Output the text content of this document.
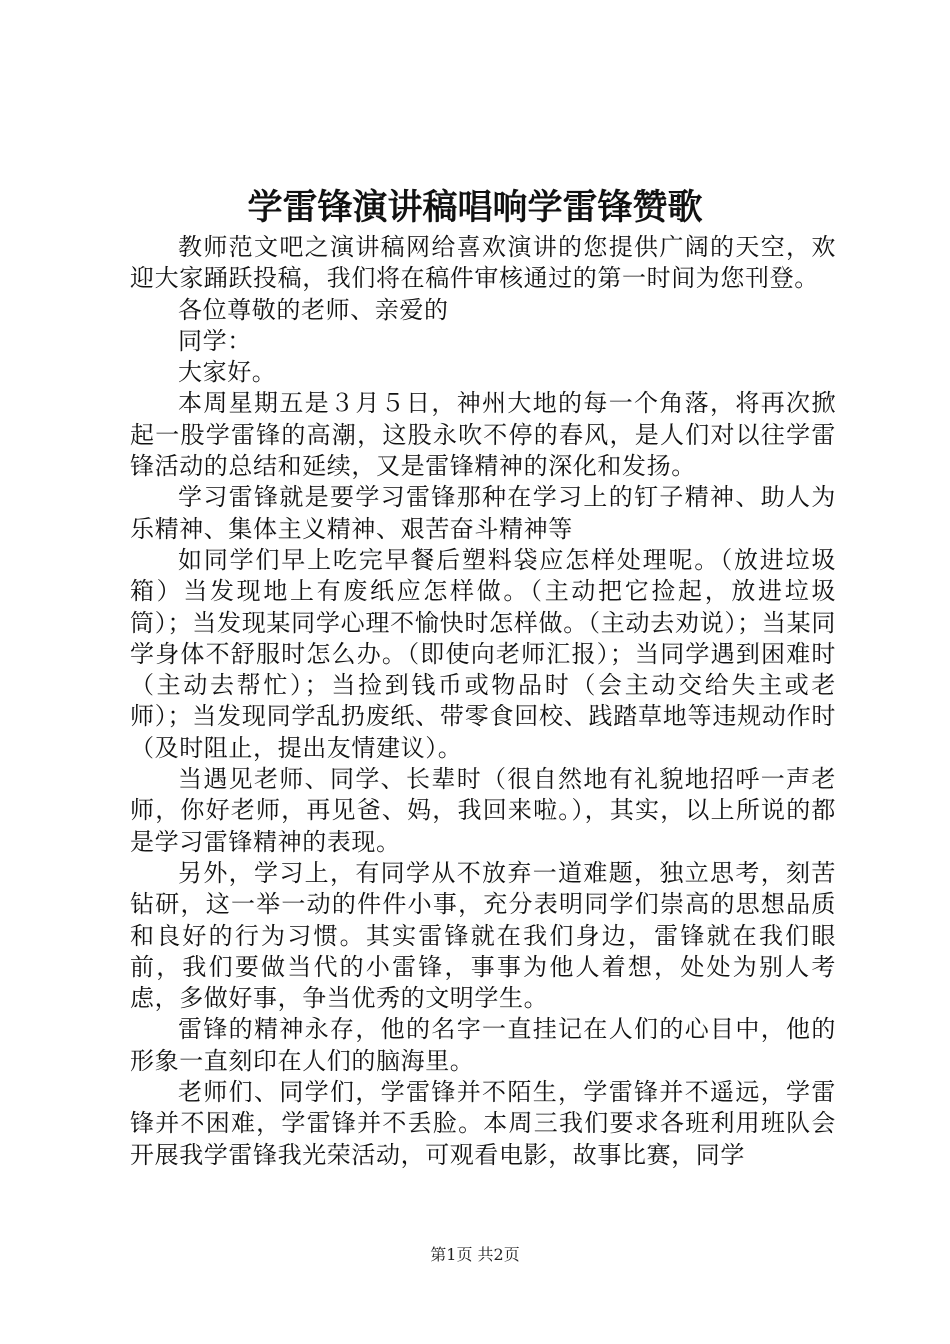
学雷锋演讲稿唱响学雷锋赞歌

教师范文吧之演讲稿网给喜欢演讲的您提供广阔的天空，欢迎大家踊跃投稿，我们将在稿件审核通过的第一时间为您刊登。

各位尊敬的老师、亲爱的

同学：

大家好。

本周星期五是３月５日，神州大地的每一个角落，将再次掀起一股学雷锋的高潮，这股永吹不停的春风，是人们对以往学雷锋活动的总结和延续，又是雷锋精神的深化和发扬。

学习雷锋就是要学习雷锋那种在学习上的钉子精神、助人为乐精神、集体主义精神、艰苦奋斗精神等

如同学们早上吃完早餐后塑料袋应怎样处理呢。（放进垃圾箱）当发现地上有废纸应怎样做。（主动把它捡起，放进垃圾筒）；当发现某同学心理不愉快时怎样做。（主动去劝说）；当某同学身体不舒服时怎么办。（即使向老师汇报）；当同学遇到困难时（主动去帮忙）；当捡到钱币或物品时（会主动交给失主或老师）；当发现同学乱扔废纸、带零食回校、践踏草地等违规动作时（及时阻止，提出友情建议）。

当遇见老师、同学、长辈时（很自然地有礼貌地招呼一声老师，你好老师，再见爸、妈，我回来啦。），其实，以上所说的都是学习雷锋精神的表现。

另外，学习上，有同学从不放弃一道难题，独立思考，刻苦钻研，这一举一动的件件小事，充分表明同学们崇高的思想品质和良好的行为习惯。其实雷锋就在我们身边，雷锋就在我们眼前，我们要做当代的小雷锋，事事为他人着想，处处为别人考虑，多做好事，争当优秀的文明学生。

雷锋的精神永存，他的名字一直挂记在人们的心目中，他的形象一直刻印在人们的脑海里。

老师们、同学们，学雷锋并不陌生，学雷锋并不遥远，学雷锋并不困难，学雷锋并不丢脸。本周三我们要求各班利用班队会开展我学雷锋我光荣活动，可观看电影，故事比赛，同学

第1页 共2页
